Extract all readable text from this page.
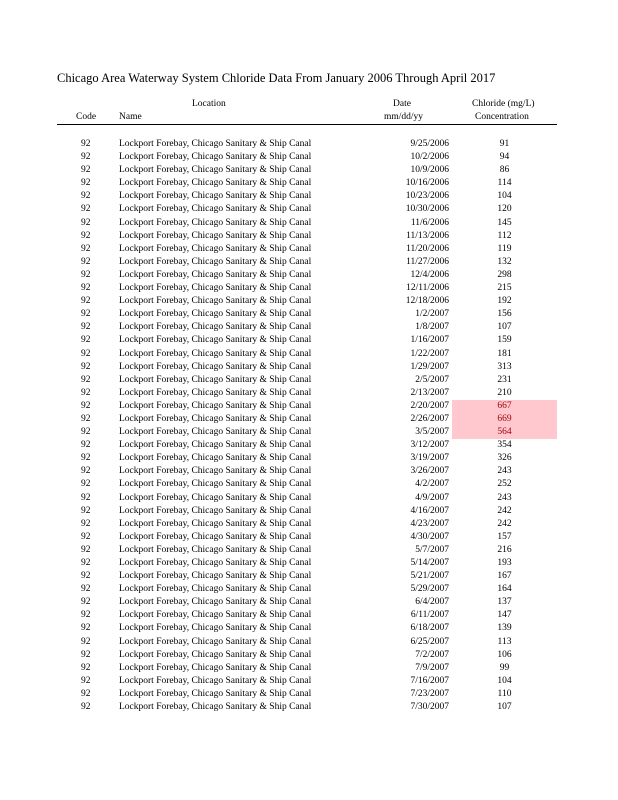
Chicago Area Waterway System Chloride Data From January 2006 Through April 2017
Location	Date	Chloride (mg/L)
Code Name	mm/dd/yy	Concentration
92	Lockport Forebay, Chicago Sanitary & Ship Canal	9/25/2006	91
92	Lockport Forebay, Chicago Sanitary & Ship Canal	10/2/2006	94
92	Lockport Forebay, Chicago Sanitary & Ship Canal	10/9/2006	86
92	Lockport Forebay, Chicago Sanitary & Ship Canal	10/16/2006	114
92	Lockport Forebay, Chicago Sanitary & Ship Canal	10/23/2006	104
92	Lockport Forebay, Chicago Sanitary & Ship Canal	10/30/2006	120
92	Lockport Forebay, Chicago Sanitary & Ship Canal	11/6/2006	145
92	Lockport Forebay, Chicago Sanitary & Ship Canal	11/13/2006	112
92	Lockport Forebay, Chicago Sanitary & Ship Canal	11/20/2006	119
92	Lockport Forebay, Chicago Sanitary & Ship Canal	11/27/2006	132
92	Lockport Forebay, Chicago Sanitary & Ship Canal	12/4/2006	298
92	Lockport Forebay, Chicago Sanitary & Ship Canal	12/11/2006	215
92	Lockport Forebay, Chicago Sanitary & Ship Canal	12/18/2006	192
92	Lockport Forebay, Chicago Sanitary & Ship Canal	1/2/2007	156
92	Lockport Forebay, Chicago Sanitary & Ship Canal	1/8/2007	107
92	Lockport Forebay, Chicago Sanitary & Ship Canal	1/16/2007	159
92	Lockport Forebay, Chicago Sanitary & Ship Canal	1/22/2007	181
92	Lockport Forebay, Chicago Sanitary & Ship Canal	1/29/2007	313
92	Lockport Forebay, Chicago Sanitary & Ship Canal	2/5/2007	231
92	Lockport Forebay, Chicago Sanitary & Ship Canal	2/13/2007	210
92	Lockport Forebay, Chicago Sanitary & Ship Canal	2/20/2007	667
92	Lockport Forebay, Chicago Sanitary & Ship Canal	2/26/2007	669
92	Lockport Forebay, Chicago Sanitary & Ship Canal	3/5/2007	564
92	Lockport Forebay, Chicago Sanitary & Ship Canal	3/12/2007	354
92	Lockport Forebay, Chicago Sanitary & Ship Canal	3/19/2007	326
92	Lockport Forebay, Chicago Sanitary & Ship Canal	3/26/2007	243
92	Lockport Forebay, Chicago Sanitary & Ship Canal	4/2/2007	252
92	Lockport Forebay, Chicago Sanitary & Ship Canal	4/9/2007	243
92	Lockport Forebay, Chicago Sanitary & Ship Canal	4/16/2007	242
92	Lockport Forebay, Chicago Sanitary & Ship Canal	4/23/2007	242
92	Lockport Forebay, Chicago Sanitary & Ship Canal	4/30/2007	157
92	Lockport Forebay, Chicago Sanitary & Ship Canal	5/7/2007	216
92	Lockport Forebay, Chicago Sanitary & Ship Canal	5/14/2007	193
92	Lockport Forebay, Chicago Sanitary & Ship Canal	5/21/2007	167
92	Lockport Forebay, Chicago Sanitary & Ship Canal	5/29/2007	164
92	Lockport Forebay, Chicago Sanitary & Ship Canal	6/4/2007	137
92	Lockport Forebay, Chicago Sanitary & Ship Canal	6/11/2007	147
92	Lockport Forebay, Chicago Sanitary & Ship Canal	6/18/2007	139
92	Lockport Forebay, Chicago Sanitary & Ship Canal	6/25/2007	113
92	Lockport Forebay, Chicago Sanitary & Ship Canal	7/2/2007	106
92	Lockport Forebay, Chicago Sanitary & Ship Canal	7/9/2007	99
92	Lockport Forebay, Chicago Sanitary & Ship Canal	7/16/2007	104
92	Lockport Forebay, Chicago Sanitary & Ship Canal	7/23/2007	110
92	Lockport Forebay, Chicago Sanitary & Ship Canal	7/30/2007	107
